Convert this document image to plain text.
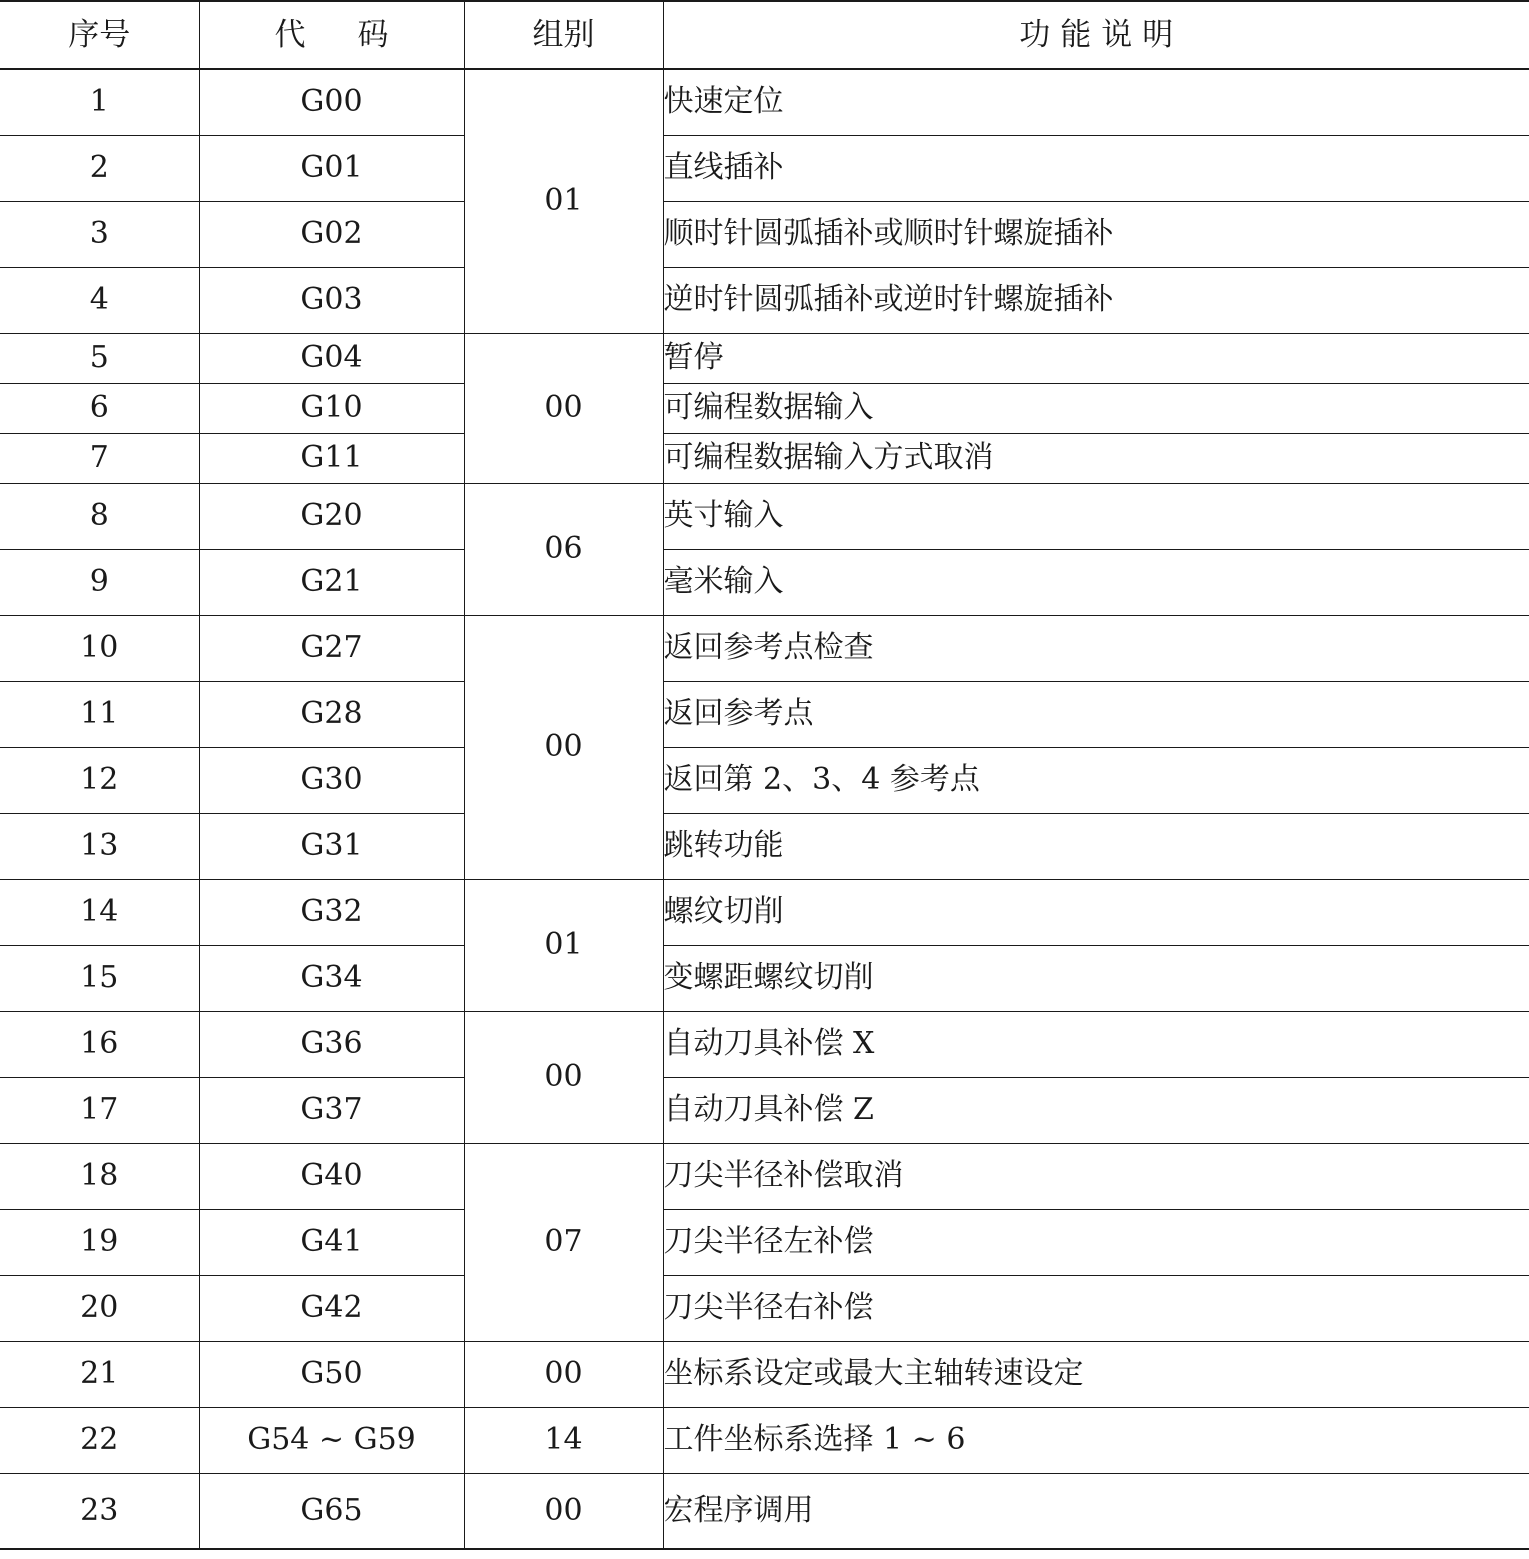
序号	代码	组别	功能说明
1	G00	01	快速定位
2	G01		直线插补
3	G02		顺时针圆弧插补或顺时针螺旋插补
4	G03		逆时针圆弧插补或逆时针螺旋插补
5	G04	00	暂停
6	G10		可编程数据输入
7	G11		可编程数据输入方式取消
8	G20	06	英寸输入
9	G21		毫米输入
10	G27	00	返回参考点检查
11	G28		返回参考点
12	G30		返回第 2、3、4 参考点
13	G31		跳转功能
14	G32	01	螺纹切削
15	G34		变螺距螺纹切削
16	G36	00	自动刀具补偿 X
17	G37		自动刀具补偿 Z
18	G40	07	刀尖半径补偿取消
19	G41		刀尖半径左补偿
20	G42		刀尖半径右补偿
21	G50	00	坐标系设定或最大主轴转速设定
22	G54 ~ G59	14	工件坐标系选择 1 ~ 6
23	G65	00	宏程序调用
